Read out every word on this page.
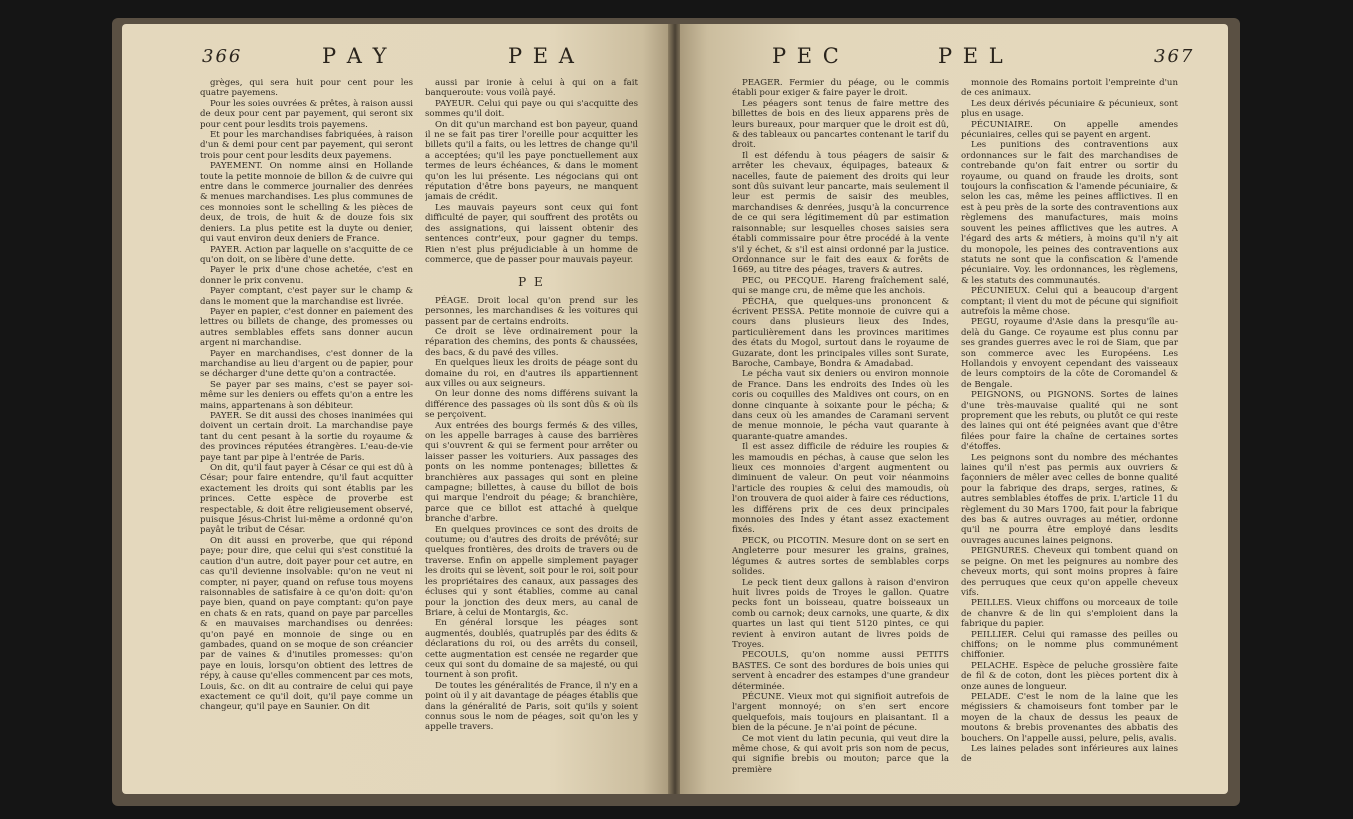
366	P A Y	P E A

grèges, qui sera huit pour cent pour les quatre payemens.

Pour les soies ouvrées & prêtes, à raison aussi de deux pour cent par payement, qui seront six pour cent pour lesdits trois payemens.

Et pour les marchandises fabriquées, à raison d'un & demi pour cent par payement, qui seront trois pour cent pour lesdits deux payemens.

PAYEMENT. On nomme ainsi en Hollande toute la petite monnoie de billon & de cuivre qui entre dans le commerce journalier des denrées & menues marchandises. Les plus communes de ces monnoies sont le schelling & les pièces de deux, de trois, de huit & de douze fois six deniers. La plus petite est la duyte ou denier, qui vaut environ deux deniers de France.

PAYER. Action par laquelle on s'acquitte de ce qu'on doit, on se libère d'une dette.

Payer le prix d'une chose achetée, c'est en donner le prix convenu.

Payer comptant, c'est payer sur le champ & dans le moment que la marchandise est livrée.

Payer en papier, c'est donner en paiement des lettres ou billets de change, des promesses ou autres semblables effets sans donner aucun argent ni marchandise.

Payer en marchandises, c'est donner de la marchandise au lieu d'argent ou de papier, pour se décharger d'une dette qu'on a contractée.

Se payer par ses mains, c'est se payer soi-même sur les deniers ou effets qu'on a entre les mains, appartenans à son débiteur.

PAYER. Se dit aussi des choses inanimées qui doivent un certain droit. La marchandise paye tant du cent pesant à la sortie du royaume & des provinces réputées étrangères. L'eau-de-vie paye tant par pipe à l'entrée de Paris.

On dit, qu'il faut payer à César ce qui est dû à César; pour faire entendre, qu'il faut acquitter exactement les droits qui sont établis par les princes. Cette espèce de proverbe est respectable, & doit être religieusement observé, puisque Jésus-Christ lui-même a ordonné qu'on payât le tribut de César.

On dit aussi en proverbe, que qui répond paye; pour dire, que celui qui s'est constitué la caution d'un autre, doit payer pour cet autre, en cas qu'il devienne insolvable: qu'on ne veut ni compter, ni payer, quand on refuse tous moyens raisonnables de satisfaire à ce qu'on doit: qu'on paye bien, quand on paye comptant: qu'on paye en chats & en rats, quand on paye par parcelles & en mauvaises marchandises ou denrées: qu'on payé en monnoie de singe ou en gambades, quand on se moque de son créancier par de vaines & d'inutiles promesses: qu'on paye en louis, lorsqu'on obtient des lettres de répy, à cause qu'elles commencent par ces mots, Louis, &c. on dit au contraire de celui qui paye exactement ce qu'il doit, qu'il paye comme un changeur, qu'il paye en Saunier. On dit

aussi par ironie à celui à qui on a fait banqueroute: vous voilà payé.

PAYEUR. Celui qui paye ou qui s'acquitte des sommes qu'il doit.

On dit qu'un marchand est bon payeur, quand il ne se fait pas tirer l'oreille pour acquitter les billets qu'il a faits, ou les lettres de change qu'il a acceptées; qu'il les paye ponctuellement aux termes de leurs échéances, & dans le moment qu'on les lui présente. Les négocians qui ont réputation d'être bons payeurs, ne manquent jamais de crédit.

Les mauvais payeurs sont ceux qui font difficulté de payer, qui souffrent des protêts ou des assignations, qui laissent obtenir des sentences contr'eux, pour gagner du temps. Rien n'est plus préjudiciable à un homme de commerce, que de passer pour mauvais payeur.

P E

PÉAGE. Droit local qu'on prend sur les personnes, les marchandises & les voitures qui passent par de certains endroits.

Ce droit se lève ordinairement pour la réparation des chemins, des ponts & chaussées, des bacs, & du pavé des villes.

En quelques lieux les droits de péage sont du domaine du roi, en d'autres ils appartiennent aux villes ou aux seigneurs.

On leur donne des noms différens suivant la différence des passages où ils sont dûs & où ils se perçoivent.

Aux entrées des bourgs fermés & des villes, on les appelle barrages à cause des barrières qui s'ouvrent & qui se ferment pour arrêter ou laisser passer les voituriers. Aux passages des ponts on les nomme pontenages; billettes & branchières aux passages qui sont en pleine campagne; billettes, à cause du billot de bois qui marque l'endroit du péage; & branchière, parce que ce billot est attaché à quelque branche d'arbre.

En quelques provinces ce sont des droits de coutume; ou d'autres des droits de prévôté; sur quelques frontières, des droits de travers ou de traverse. Enfin on appelle simplement payager les droits qui se lèvent, soit pour le roi, soit pour les propriétaires des canaux, aux passages des écluses qui y sont établies, comme au canal pour la jonction des deux mers, au canal de Briare, à celui de Montargis, &c.

En général lorsque les péages sont augmentés, doublés, quatruplés par des édits & déclarations du roi, ou des arrêts du conseil, cette augmentation est censée ne regarder que ceux qui sont du domaine de sa majesté, ou qui tournent à son profit.

De toutes les généralités de France, il n'y en a point où il y ait davantage de péages établis que dans la généralité de Paris, soit qu'ils y soient connus sous le nom de péages, soit qu'on les y appelle travers.

P E C	P E L	367

PEAGER. Fermier du péage, ou le commis établi pour exiger & faire payer le droit.

Les péagers sont tenus de faire mettre des billettes de bois en des lieux apparens près de leurs bureaux, pour marquer que le droit est dû, & des tableaux ou pancartes contenant le tarif du droit.

Il est défendu à tous péagers de saisir & arrêter les chevaux, équipages, bateaux & nacelles, faute de paiement des droits qui leur sont dûs suivant leur pancarte, mais seulement il leur est permis de saisir des meubles, marchandises & denrées, jusqu'à la concurrence de ce qui sera légitimement dû par estimation raisonnable; sur lesquelles choses saisies sera établi commissaire pour être procédé à la vente s'il y échet, & s'il est ainsi ordonné par la justice. Ordonnance sur le fait des eaux & forêts de 1669, au titre des péages, travers & autres.

PEC, ou PECQUE. Hareng fraîchement salé, qui se mange cru, de même que les anchois.

PÉCHA, que quelques-uns prononcent & écrivent PESSA. Petite monnoie de cuivre qui a cours dans plusieurs lieux des Indes, particulièrement dans les provinces maritimes des états du Mogol, surtout dans le royaume de Guzarate, dont les principales villes sont Surate, Baroche, Cambaye, Bondra & Amadabad.

Le pécha vaut six deniers ou environ monnoie de France. Dans les endroits des Indes où les coris ou coquilles des Maldives ont cours, on en donne cinquante à soixante pour le pécha; & dans ceux où les amandes de Caramani servent de menue monnoie, le pécha vaut quarante à quarante-quatre amandes.

Il est assez difficile de réduire les roupies & les mamoudis en péchas, à cause que selon les lieux ces monnoies d'argent augmentent ou diminuent de valeur. On peut voir néanmoins l'article des roupies & celui des mamoudis, où l'on trouvera de quoi aider à faire ces réductions, les différens prix de ces deux principales monnoies des Indes y étant assez exactement fixés.

PECK, ou PICOTIN. Mesure dont on se sert en Angleterre pour mesurer les grains, graines, légumes & autres sortes de semblables corps solides.

Le peck tient deux gallons à raison d'environ huit livres poids de Troyes le gallon. Quatre pecks font un boisseau, quatre boisseaux un comb ou carnok; deux carnoks, une quarte, & dix quartes un last qui tient 5120 pintes, ce qui revient à environ autant de livres poids de Troyes.

PECOULS, qu'on nomme aussi PETITS BASTES. Ce sont des bordures de bois unies qui servent à encadrer des estampes d'une grandeur déterminée.

PÉCUNE. Vieux mot qui signifioit autrefois de l'argent monnoyé; on s'en sert encore quelquefois, mais toujours en plaisantant. Il a bien de la pécune. Je n'ai point de pécune.

Ce mot vient du latin pecunia, qui veut dire la même chose, & qui avoit pris son nom de pecus, qui signifie brebis ou mouton; parce que la première

monnoie des Romains portoit l'empreinte d'un de ces animaux.

Les deux dérivés pécuniaire & pécunieux, sont plus en usage.

PÉCUNIAIRE. On appelle amendes pécuniaires, celles qui se payent en argent.

Les punitions des contraventions aux ordonnances sur le fait des marchandises de contrebande qu'on fait entrer ou sortir du royaume, ou quand on fraude les droits, sont toujours la confiscation & l'amende pécuniaire, & selon les cas, même les peines afflictives. Il en est à peu près de la sorte des contraventions aux règlemens des manufactures, mais moins souvent les peines afflictives que les autres. A l'égard des arts & métiers, à moins qu'il n'y ait du monopole, les peines des contraventions aux statuts ne sont que la confiscation & l'amende pécuniaire. Voy. les ordonnances, les règlemens, & les statuts des communautés.

PÉCUNIEUX. Celui qui a beaucoup d'argent comptant; il vient du mot de pécune qui signifioit autrefois la même chose.

PEGU, royaume d'Asie dans la presqu'île au-delà du Gange. Ce royaume est plus connu par ses grandes guerres avec le roi de Siam, que par son commerce avec les Européens. Les Hollandois y envoyent cependant des vaisseaux de leurs comptoirs de la côte de Coromandel & de Bengale.

PEIGNONS, ou PIGNONS. Sortes de laines d'une très-mauvaise qualité qui ne sont proprement que les rebuts, ou plutôt ce qui reste des laines qui ont été peignées avant que d'être filées pour faire la chaîne de certaines sortes d'étoffes.

Les peignons sont du nombre des méchantes laines qu'il n'est pas permis aux ouvriers & façonniers de mêler avec celles de bonne qualité pour la fabrique des draps, serges, ratines, & autres semblables étoffes de prix. L'article 11 du règlement du 30 Mars 1700, fait pour la fabrique des bas & autres ouvrages au métier, ordonne qu'il ne pourra être employé dans lesdits ouvrages aucunes laines peignons.

PEIGNURES. Cheveux qui tombent quand on se peigne. On met les peignures au nombre des cheveux morts, qui sont moins propres à faire des perruques que ceux qu'on appelle cheveux vifs.

PEILLES. Vieux chiffons ou morceaux de toile de chanvre & de lin qui s'emploient dans la fabrique du papier.

PEILLIER. Celui qui ramasse des peilles ou chiffons; on le nomme plus communément chiffonier.

PELACHE. Espèce de peluche grossière faite de fil & de coton, dont les pièces portent dix à onze aunes de longueur.

PELADE. C'est le nom de la laine que les mégissiers & chamoiseurs font tomber par le moyen de la chaux de dessus les peaux de moutons & brebis provenantes des abbatis des bouchers. On l'appelle aussi, pelure, pelis, avalis.

Les laines pelades sont inférieures aux laines de
